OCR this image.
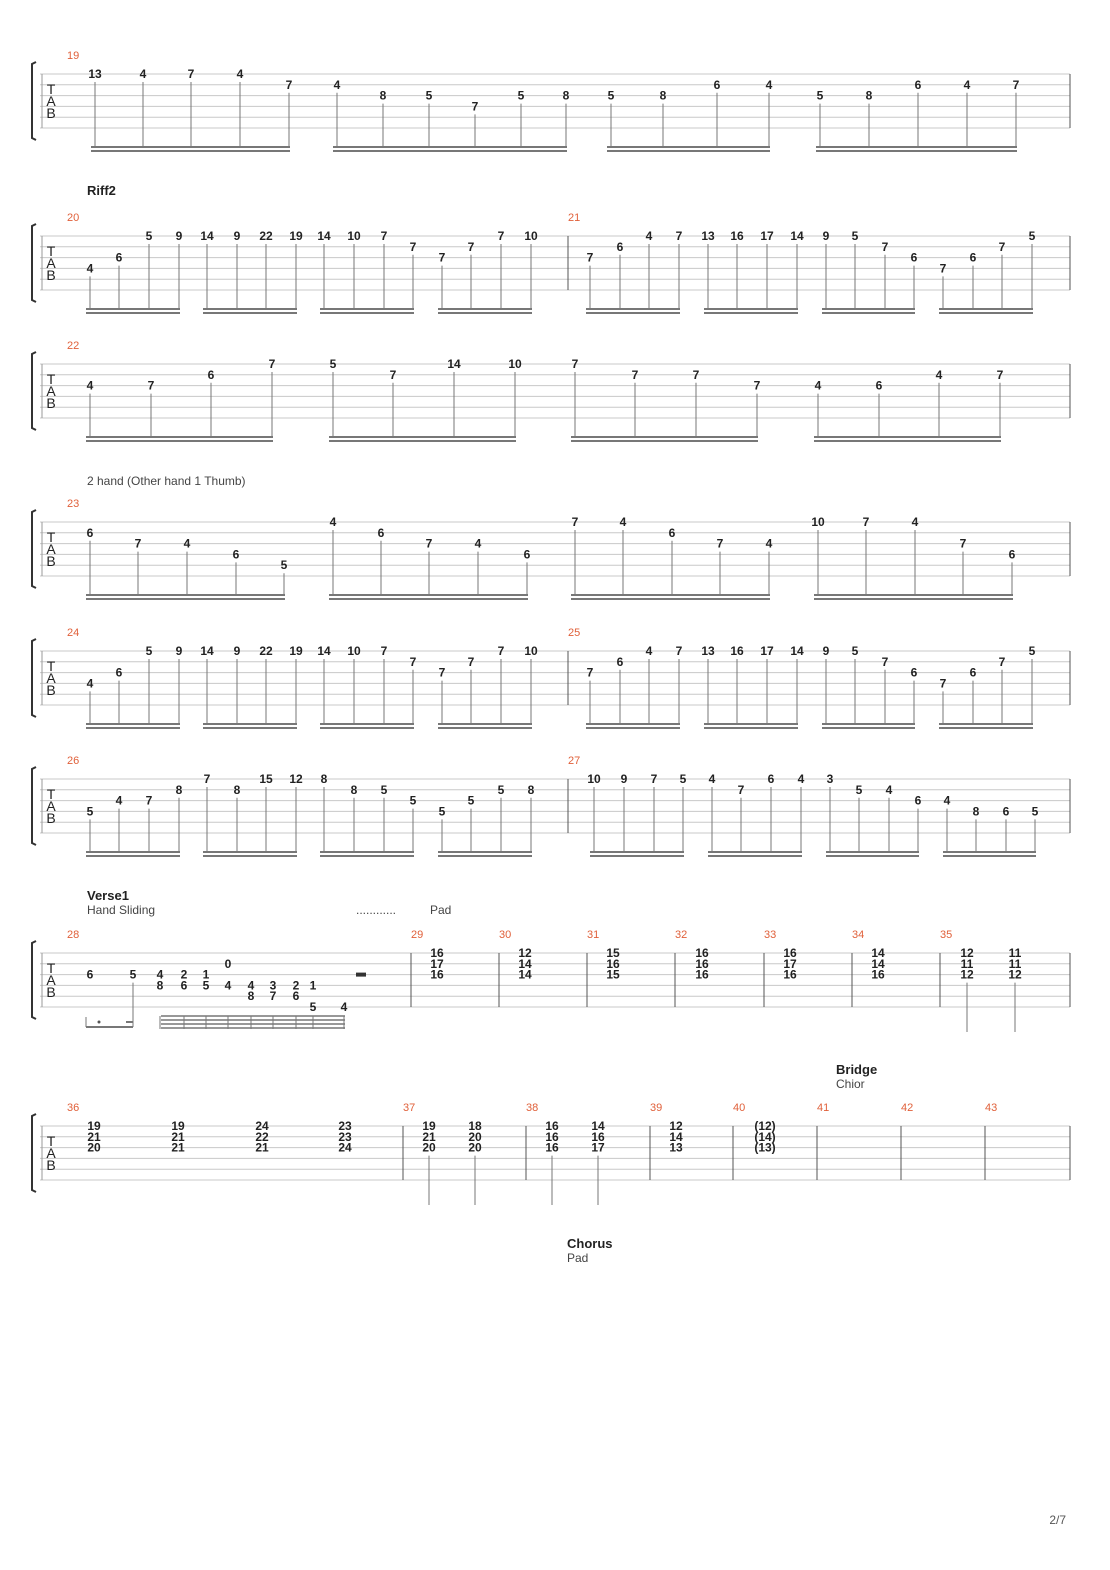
T
A
B
19
13	4	7	4
7	4
8	5
7
5	8	5	8
6	4
5	8
6	4	7
T
A
B
20
4
6
5 9 14 9 22 19 14 10 7
7
7
7
7 10
21
7
6
4 7 13 16 17 14 9 5
7
6
7
6
7
5
T
A
B
22
4	7
6
7	5
7
14	10	7
7	7
7	4	6
4	7
T
A
B
23
6
7	4
6
5
4
6
7	4
6
7	4
6
7	4
10	7	4
7
6
T
A
B
24
4
6
5 9 14 9 22 19 14 10 7
7
7
7
7 10
25
7
6
4 7 13 16 17 14 9 5
7
6
7
6
7
5
T
A
B
26
5
4 7
8
7
8
15 12 8
8 5
5
5
5
5 8
27
10 9 7 5 4
7
6 4 3
5 4
6 4
8 6 5
T
A
B
28
6	5 4
8
2
6
1
5
0
4 4
8
3
7
2
6
1
5 4
29
16
17
16
30
12
14
14
31
15
16
15
32
16
16
16
33
16
17
16
34
14
14
16
35
12
11
12
11
11
12
T
A
B
36
19
21
20
37
19
21
21
38
24
22
21
39
23
23
24
40
19
21
20
18
20
20
41
16
16
16
14
16
17
42
12
14
13
43
(12)
(14)
(13)
Riff2
2 hand (Other hand 1 Thumb)
Verse1
Hand Sliding	............	Pad
Bridge
Chior
Chorus
Pad
2/7
